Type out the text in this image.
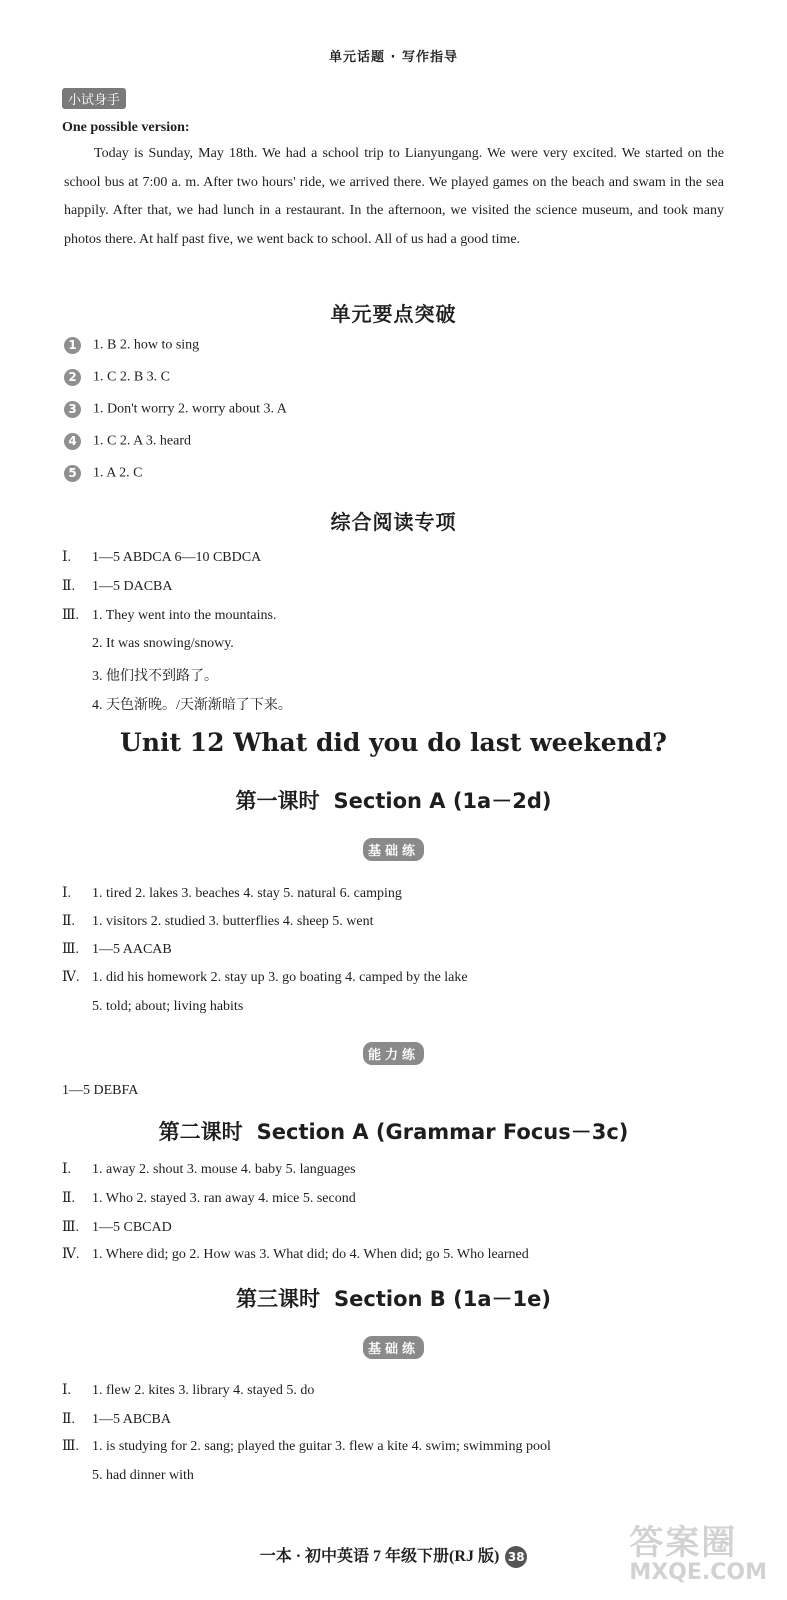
单元话题 · 写作指导
小试身手
One possible version:
Today is Sunday, May 18th. We had a school trip to Lianyungang. We were very excited. We started on the school bus at 7:00 a. m. After two hours' ride, we arrived there. We played games on the beach and swam in the sea happily. After that, we had lunch in a restaurant. In the afternoon, we visited the science museum, and took many photos there. At half past five, we went back to school. All of us had a good time.
单元要点突破
1 1. B 2. how to sing
2 1. C 2. B 3. C
3 1. Don't worry 2. worry about 3. A
4 1. C 2. A 3. heard
5 1. A 2. C
综合阅读专项
Ⅰ. 1—5 ABDCA 6—10 CBDCA
Ⅱ. 1—5 DACBA
Ⅲ. 1. They went into the mountains.
2. It was snowing/snowy.
3. 他们找不到路了。
4. 天色渐晚。/天渐渐暗了下来。
Unit 12 What did you do last weekend?
第一课时 Section A (1a－2d)
基础练
Ⅰ. 1. tired 2. lakes 3. beaches 4. stay 5. natural 6. camping
Ⅱ. 1. visitors 2. studied 3. butterflies 4. sheep 5. went
Ⅲ. 1—5 AACAB
Ⅳ. 1. did his homework 2. stay up 3. go boating 4. camped by the lake
5. told; about; living habits
能力练
1—5 DEBFA
第二课时 Section A (Grammar Focus－3c)
Ⅰ. 1. away 2. shout 3. mouse 4. baby 5. languages
Ⅱ. 1. Who 2. stayed 3. ran away 4. mice 5. second
Ⅲ. 1—5 CBCAD
Ⅳ. 1. Where did; go 2. How was 3. What did; do 4. When did; go 5. Who learned
第三课时 Section B (1a－1e)
基础练
Ⅰ. 1. flew 2. kites 3. library 4. stayed 5. do
Ⅱ. 1—5 ABCBA
Ⅲ. 1. is studying for 2. sang; played the guitar 3. flew a kite 4. swim; swimming pool
5. had dinner with
一本 · 初中英语 7 年级下册(RJ 版) 38	答案圈
MXQE.COM
